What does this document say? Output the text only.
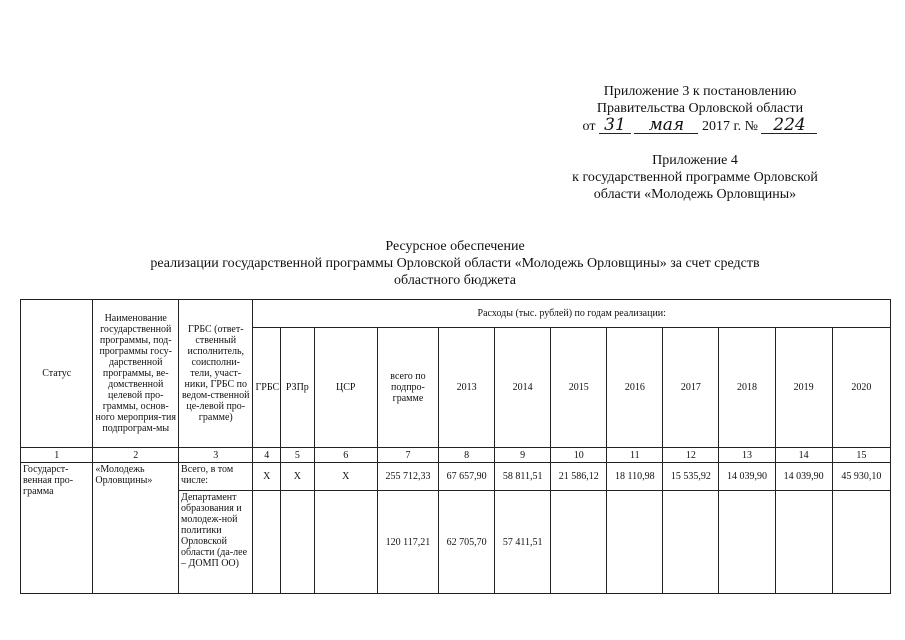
Приложение 3 к постановлению
Правительства Орловской области
от 31 мая 2017 г. № 224
Приложение 4
к государственной программе Орловской
области «Молодежь Орловщины»
Ресурсное обеспечение
реализации государственной программы Орловской области «Молодежь Орловщины» за счет средств
областного бюджета
Статус	Наименование государственной программы, под-программы госу-дарственной программы, ве-домственной целевой про-граммы, основ-ного мероприя-тия подпрограм-мы	ГРБС (ответ-ственный исполнитель, соисполни-тели, участ-ники, ГРБС по ведом-ственной це-левой про-грамме)	Расходы (тыс. рублей) по годам реализации:											
			ГРБС	РЗПр	ЦСР	всего по подпро-грамме	2013	2014	2015	2016	2017	2018	2019	2020
1	2	3	4	5	6	7	8	9	10	11	12	13	14	15
Государст-венная про-грамма	«Молодежь Орловщины»	Всего, в том числе:	X	X	X	255 712,33	67 657,90	58 811,51	21 586,12	18 110,98	15 535,92	14 039,90	14 039,90	45 930,10
		Департамент образования и молодеж-ной политики Орловской области (да-лее – ДОМП ОО)				120 117,21	62 705,70	57 411,51						
